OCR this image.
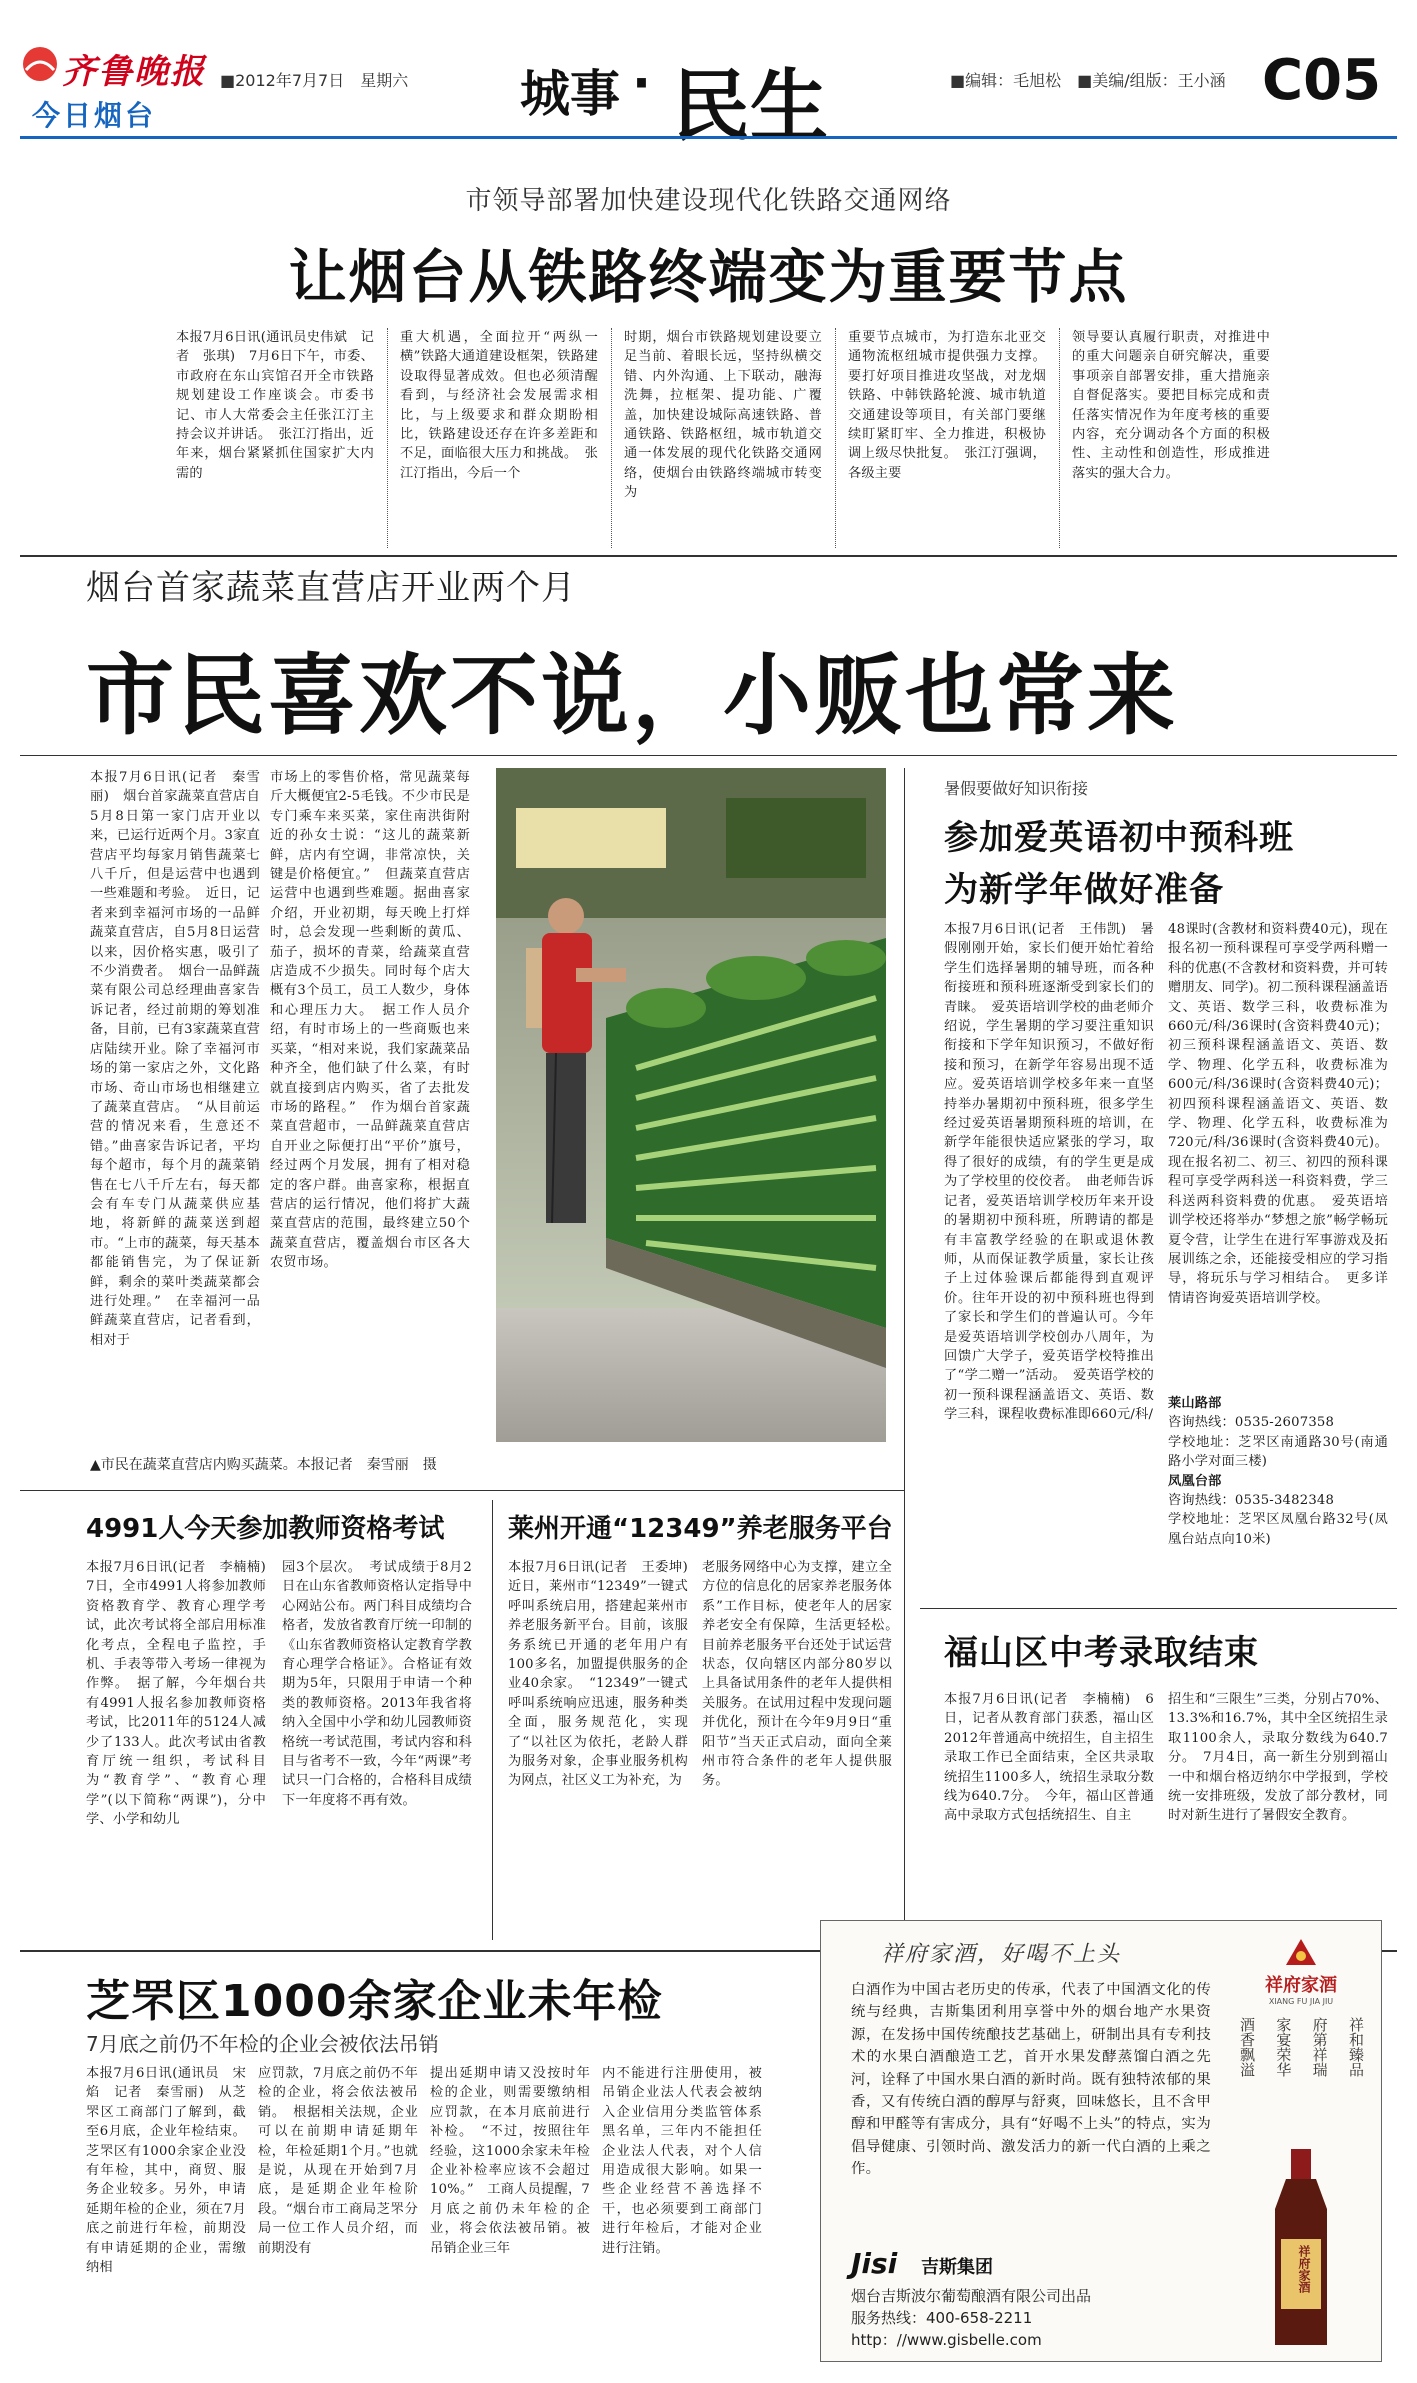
齐鲁晚报
今日烟台
■2012年7月7日　星期六 城事 · 民生	■编辑：毛旭松　■美编/组版：王小涵 C05
市领导部署加快建设现代化铁路交通网络
让烟台从铁路终端变为重要节点
本报7月6日讯(通讯员史伟斌　记者　张琪)　7月6日下午，市委、市政府在东山宾馆召开全市铁路规划建设工作座谈会。市委书记、市人大常委会主任张江汀主持会议并讲话。　张江汀指出，近年来，烟台紧紧抓住国家扩大内需的
重大机遇，全面拉开“两纵一横”铁路大通道建设框架，铁路建设取得显著成效。但也必须清醒看到，与经济社会发展需求相比，与上级要求和群众期盼相比，铁路建设还存在许多差距和不足，面临很大压力和挑战。　张江汀指出，今后一个
时期，烟台市铁路规划建设要立足当前、着眼长远，坚持纵横交错、内外沟通、上下联动，融海洗舞，拉框架、提功能、广覆盖，加快建设城际高速铁路、普通铁路、铁路枢纽，城市轨道交通一体发展的现代化铁路交通网络，使烟台由铁路终端城市转变为
重要节点城市，为打造东北亚交通物流枢纽城市提供强力支撑。要打好项目推进攻坚战，对龙烟铁路、中韩铁路轮渡、城市轨道交通建设等项目，有关部门要继续盯紧盯牢、全力推进，积极协调上级尽快批复。　张江汀强调，各级主要
领导要认真履行职责，对推进中的重大问题亲自研究解决，重要事项亲自部署安排，重大措施亲自督促落实。要把目标完成和责任落实情况作为年度考核的重要内容，充分调动各个方面的积极性、主动性和创造性，形成推进落实的强大合力。
烟台首家蔬菜直营店开业两个月
市民喜欢不说，小贩也常来
本报7月6日讯(记者　秦雪丽)　烟台首家蔬菜直营店自5月8日第一家门店开业以来，已运行近两个月。3家直营店平均每家月销售蔬菜七八千斤，但是运营中也遇到一些难题和考验。　近日，记者来到幸福河市场的一品鲜蔬菜直营店，自5月8日运营以来，因价格实惠，吸引了不少消费者。　烟台一品鲜蔬菜有限公司总经理曲喜家告诉记者，经过前期的筹划准备，目前，已有3家蔬菜直营店陆续开业。除了幸福河市场的第一家店之外，文化路市场、奇山市场也相继建立了蔬菜直营店。　“从目前运营的情况来看，生意还不错。”曲喜家告诉记者，平均每个超市，每个月的蔬菜销售在七八千斤左右，每天都会有车专门从蔬菜供应基地，将新鲜的蔬菜送到超市。“上市的蔬菜，每天基本都能销售完，为了保证新鲜，剩余的菜叶类蔬菜都会进行处理。”　在幸福河一品鲜蔬菜直营店，记者看到，相对于
市场上的零售价格，常见蔬菜每斤大概便宜2-5毛钱。不少市民是专门乘车来买菜，家住南洪街附近的孙女士说：“这儿的蔬菜新鲜，店内有空调，非常凉快，关键是价格便宜。”　但蔬菜直营店运营中也遇到些难题。据曲喜家介绍，开业初期，每天晚上打烊时，总会发现一些剩断的黄瓜、茄子，损坏的青菜，给蔬菜直营店造成不少损失。同时每个店大概有3个员工，员工人数少，身体和心理压力大。　据工作人员介绍，有时市场上的一些商贩也来买菜，“相对来说，我们家蔬菜品种齐全，他们缺了什么菜，有时就直接到店内购买，省了去批发市场的路程。”　作为烟台首家蔬菜直营超市，一品鲜蔬菜直营店自开业之际便打出“平价”旗号，经过两个月发展，拥有了相对稳定的客户群。曲喜家称，根据直营店的运行情况，他们将扩大蔬菜直营店的范围，最终建立50个蔬菜直营店，覆盖烟台市区各大农贸市场。
▲市民在蔬菜直营店内购买蔬菜。本报记者　秦雪丽　摄
暑假要做好知识衔接
参加爱英语初中预科班
为新学年做好准备
本报7月6日讯(记者　王伟凯)　暑假刚刚开始，家长们便开始忙着给学生们选择暑期的辅导班，而各种衔接班和预科班逐渐受到家长们的青睐。　爱英语培训学校的曲老师介绍说，学生暑期的学习要注重知识衔接和下学年知识预习，不做好衔接和预习，在新学年容易出现不适应。爱英语培训学校多年来一直坚持举办暑期初中预科班，很多学生经过爱英语暑期预科班的培训，在新学年能很快适应紧张的学习，取得了很好的成绩，有的学生更是成为了学校里的佼佼者。　曲老师告诉记者，爱英语培训学校历年来开设的暑期初中预科班，所聘请的都是有丰富教学经验的在职或退休教师，从而保证教学质量，家长让孩子上过体验课后都能得到直观评价。往年开设的初中预科班也得到了家长和学生们的普遍认可。今年是爱英语培训学校创办八周年，为回馈广大学子，爱英语学校特推出了“学二赠一”活动。　爱英语学校的初一预科课程涵盖语文、英语、数学三科，课程收费标准即660元/科/
48课时(含教材和资料费40元)，现在报名初一预科课程可享受学两科赠一科的优惠(不含教材和资料费，并可转赠朋友、同学)。初二预科课程涵盖语文、英语、数学三科，收费标准为660元/科/36课时(含资料费40元)；初三预科课程涵盖语文、英语、数学、物理、化学五科，收费标准为600元/科/36课时(含资料费40元)；初四预科课程涵盖语文、英语、数学、物理、化学五科，收费标准为720元/科/36课时(含资料费40元)。现在报名初二、初三、初四的预科课程可享受学两科送一科资料费，学三科送两科资料费的优惠。　爱英语培训学校还将举办“梦想之旅”畅学畅玩夏令营，让学生在进行军事游戏及拓展训练之余，还能接受相应的学习指导，将玩乐与学习相结合。　更多详情请咨询爱英语培训学校。
莱山路部
咨询热线：0535-2607358
学校地址：芝罘区南通路30号(南通路小学对面三楼)
凤凰台部
咨询热线：0535-3482348
学校地址：芝罘区凤凰台路32号(凤凰台站点向10米)
福山区中考录取结束
本报7月6日讯(记者　李楠楠)　6日，记者从教育部门获悉，福山区2012年普通高中统招生，自主招生录取工作已全面结束，全区共录取统招生1100多人，统招生录取分数线为640.7分。　今年，福山区普通高中录取方式包括统招生、自主
招生和“三限生”三类，分别占70%、13.3%和16.7%，其中全区统招生录取1100余人，录取分数线为640.7分。　7月4日，高一新生分别到福山一中和烟台格迈纳尔中学报到，学校统一安排班级，发放了部分教材，同时对新生进行了暑假安全教育。
4991人今天参加教师资格考试
本报7月6日讯(记者　李楠楠)　7日，全市4991人将参加教师资格教育学、教育心理学考试，此次考试将全部启用标准化考点，全程电子监控，手机、手表等带入考场一律视为作弊。　据了解，今年烟台共有4991人报名参加教师资格考试，比2011年的5124人减少了133人。此次考试由省教育厅统一组织，考试科目为“教育学”、“教育心理学”(以下简称“两课”)，分中学、小学和幼儿
园3个层次。　考试成绩于8月2日在山东省教师资格认定指导中心网站公布。两门科目成绩均合格者，发放省教育厅统一印制的《山东省教师资格认定教育学教育心理学合格证》。合格证有效期为5年，只限用于申请一个种类的教师资格。2013年我省将纳入全国中小学和幼儿园教师资格统一考试范围，考试内容和科目与省考不一致，今年“两课”考试只一门合格的，合格科目成绩下一年度将不再有效。
莱州开通“12349”养老服务平台
本报7月6日讯(记者　王委坤)　近日，莱州市“12349”一键式呼叫系统启用，搭建起莱州市养老服务新平台。目前，该服务系统已开通的老年用户有100多名，加盟提供服务的企业40余家。　“12349”一键式呼叫系统响应迅速，服务种类全面，服务规范化，实现了“以社区为依托，老龄人群为服务对象，企事业服务机构为网点，社区义工为补充，为
老服务网络中心为支撑，建立全方位的信息化的居家养老服务体系”工作目标，使老年人的居家养老安全有保障，生活更轻松。　目前养老服务平台还处于试运营状态，仅向辖区内部分80岁以上具备试用条件的老年人提供相关服务。在试用过程中发现问题并优化，预计在今年9月9日“重阳节”当天正式启动，面向全莱州市符合条件的老年人提供服务。
芝罘区1000余家企业未年检
7月底之前仍不年检的企业会被依法吊销
本报7月6日讯(通讯员　宋焰　记者　秦雪丽)　从芝罘区工商部门了解到，截至6月底，企业年检结束。芝罘区有1000余家企业没有年检，其中，商贸、服务企业较多。另外，申请延期年检的企业，须在7月底之前进行年检，前期没有申请延期的企业，需缴纳相
应罚款，7月底之前仍不年检的企业，将会依法被吊销。　根据相关法规，企业可以在前期申请延期年检，年检延期1个月。”也就是说，从现在开始到7月底，是延期企业年检阶段。“烟台市工商局芝罘分局一位工作人员介绍，而前期没有
提出延期申请又没按时年检的企业，则需要缴纳相应罚款，在本月底前进行补检。　“不过，按照往年经验，这1000余家未年检企业补检率应该不会超过10%。”　工商人员提醒，7月底之前仍未年检的企业，将会依法被吊销。被吊销企业三年
内不能进行注册使用，被吊销企业法人代表会被纳入企业信用分类监管体系黑名单，三年内不能担任企业法人代表，对个人信用造成很大影响。如果一些企业经营不善选择不干，也必须要到工商部门进行年检后，才能对企业进行注销。
祥府家酒，好喝不上头
白酒作为中国古老历史的传承，代表了中国酒文化的传统与经典，吉斯集团利用享誉中外的烟台地产水果资源，在发扬中国传统酿技艺基础上，研制出具有专利技术的水果白酒酿造工艺，首开水果发酵蒸馏白酒之先河，诠释了中国水果白酒的新时尚。既有独特浓郁的果香，又有传统白酒的醇厚与舒爽，回味悠长，且不含甲醇和甲醛等有害成分，具有“好喝不上头”的特点，实为倡导健康、引领时尚、激发活力的新一代白酒的上乘之作。
Jisi 吉斯集团
烟台吉斯波尔葡萄酿酒有限公司出品
服务热线：400-658-2211
http：//www.gisbelle.com
祥府家酒
XIANG FU JIA JIU
祥和臻品
府第祥瑞
家宴荣华
酒香飘溢
祥府家酒
